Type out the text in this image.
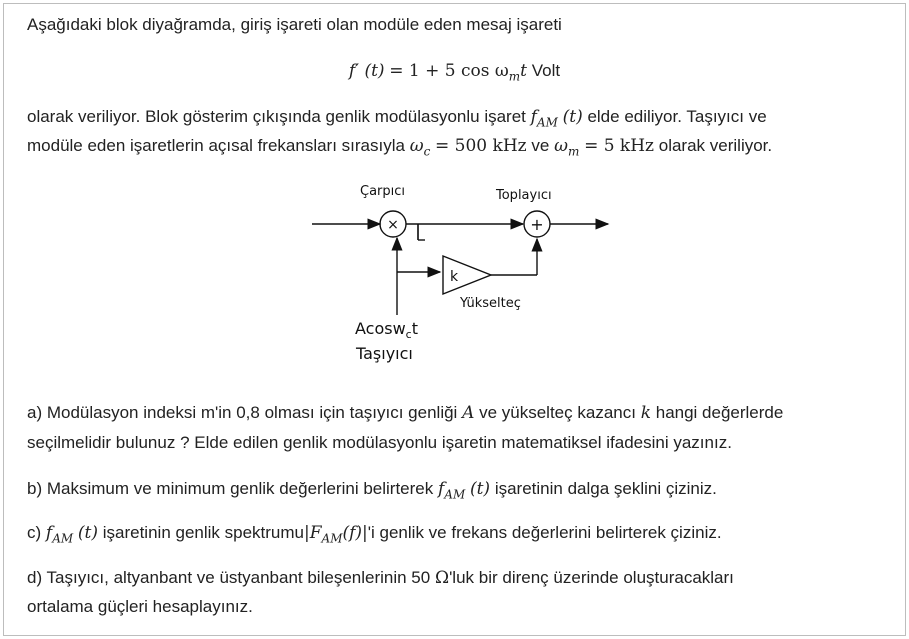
Aşağıdaki blok diyağramda, giriş işareti olan modüle eden mesaj işareti
f′ (t) = 1 + 5 $\cos \omega_mt$ Volt
olarak veriliyor. Blok gösterim çıkışında genlik modülasyonlu işaret $f_{AM}$ (t) elde ediliyor. Taşıyıcı ve
modüle eden işaretlerin açısal frekansları sırasıyla $\omega_c = 500$ kHz ve $\omega_m = 5$ kHz olarak veriliyor.
×	+
Çarpıcı	Toplayıcı
k
Yükselteç
Acosw$_c$t
Taşıyıcı
a) Modülasyon indeksi m'in 0,8 olması için taşıyıcı genliği A ve yükselteç kazancı k hangi değerlerde
seçilmelidir bulunuz ? Elde edilen genlik modülasyonlu işaretin matematiksel ifadesini yazınız.
b) Maksimum ve minimum genlik değerlerini belirterek $f_{AM}$ (t) işaretinin dalga şeklini çiziniz.
c) $f_{AM}$ (t) işaretinin genlik $spektrumu|F_{AM}(f)|'i$ genlik ve frekans değerlerini belirterek çiziniz.
d) Taşıyıcı, altyanbant ve üstyanbant bileşenlerinin 50 Ω'luk bir direnç üzerinde oluşturacakları
ortalama güçleri hesaplayınız.
